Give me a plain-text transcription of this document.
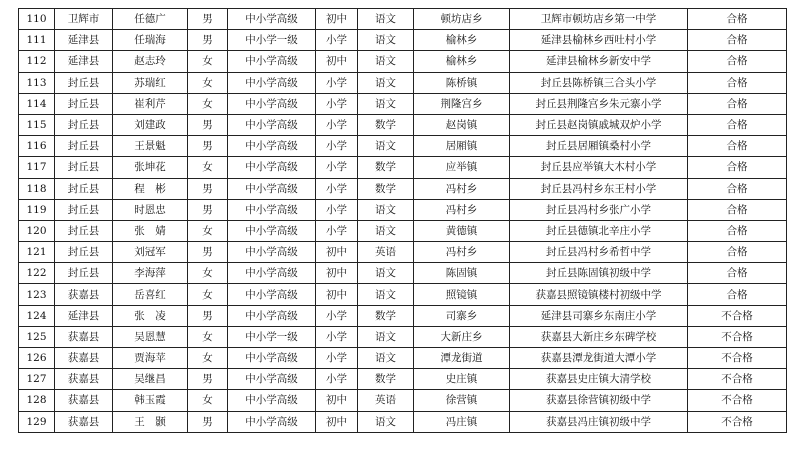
110	卫辉市	任德广	男	中小学高级	初中	语文	顿坊店乡	卫辉市顿坊店乡第一中学	合格
111	延津县	任瑞海	男	中小学一级	小学	语文	榆林乡	延津县榆林乡西吐村小学	合格
112	延津县	赵志玲	女	中小学高级	初中	语文	榆林乡	延津县榆林乡新安中学	合格
113	封丘县	苏瑞红	女	中小学高级	小学	语文	陈桥镇	封丘县陈桥镇三合头小学	合格
114	封丘县	崔利芹	女	中小学高级	小学	语文	荆隆宫乡	封丘县荆隆宫乡朱元寨小学	合格
115	封丘县	刘建政	男	中小学高级	小学	数学	赵岗镇	封丘县赵岗镇戚城双炉小学	合格
116	封丘县	王景魁	男	中小学高级	小学	语文	居厢镇	封丘县居厢镇桑村小学	合格
117	封丘县	张坤花	女	中小学高级	小学	数学	应举镇	封丘县应举镇大木村小学	合格
118	封丘县	程　彬	男	中小学高级	小学	数学	冯村乡	封丘县冯村乡东王村小学	合格
119	封丘县	时恩忠	男	中小学高级	小学	语文	冯村乡	封丘县冯村乡张广小学	合格
120	封丘县	张　婧	女	中小学高级	小学	语文	黄德镇	封丘县德镇北辛庄小学	合格
121	封丘县	刘冠军	男	中小学高级	初中	英语	冯村乡	封丘县冯村乡希哲中学	合格
122	封丘县	李海萍	女	中小学高级	初中	语文	陈固镇	封丘县陈固镇初级中学	合格
123	获嘉县	岳喜红	女	中小学高级	初中	语文	照镜镇	获嘉县照镜镇楼村初级中学	合格
124	延津县	张　凌	男	中小学高级	小学	数学	司寨乡	延津县司寨乡东南庄小学	不合格
125	获嘉县	吴恩慧	女	中小学一级	小学	语文	大新庄乡	获嘉县大新庄乡东碑学校	不合格
126	获嘉县	贾海苹	女	中小学高级	小学	语文	潭龙街道	获嘉县潭龙街道大潭小学	不合格
127	获嘉县	吴继昌	男	中小学高级	小学	数学	史庄镇	获嘉县史庄镇大清学校	不合格
128	获嘉县	韩玉霞	女	中小学高级	初中	英语	徐营镇	获嘉县徐营镇初级中学	不合格
129	获嘉县	王　颢	男	中小学高级	初中	语文	冯庄镇	获嘉县冯庄镇初级中学	不合格
